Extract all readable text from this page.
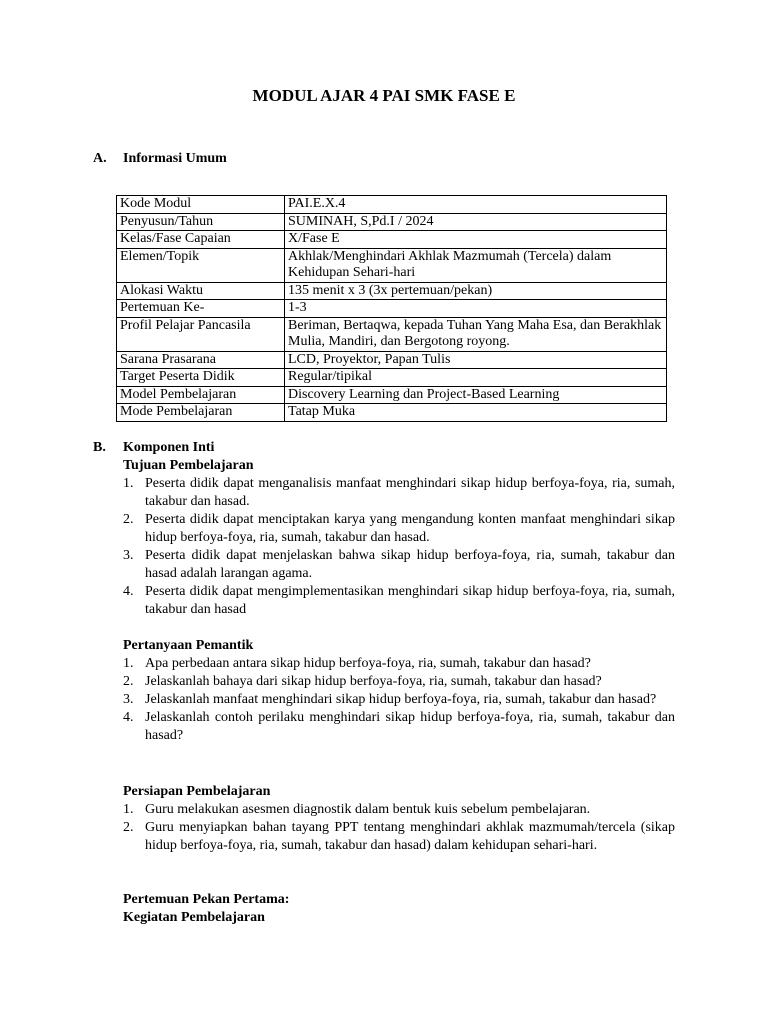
MODUL AJAR 4 PAI SMK FASE E
A. Informasi Umum
Kode Modul	PAI.E.X.4
Penyusun/Tahun	SUMINAH, S,Pd.I / 2024
Kelas/Fase Capaian	X/Fase E
Elemen/Topik	Akhlak/Menghindari Akhlak Mazmumah (Tercela) dalam Kehidupan Sehari-hari
Alokasi Waktu	135 menit x 3 (3x pertemuan/pekan)
Pertemuan Ke-	1-3
Profil Pelajar Pancasila	Beriman, Bertaqwa, kepada Tuhan Yang Maha Esa, dan Berakhlak Mulia, Mandiri, dan Bergotong royong.
Sarana Prasarana	LCD, Proyektor, Papan Tulis
Target Peserta Didik	Regular/tipikal
Model Pembelajaran	Discovery Learning dan Project-Based Learning
Mode Pembelajaran	Tatap Muka
B. Komponen Inti
Tujuan Pembelajaran
1. Peserta didik dapat menganalisis manfaat menghindari sikap hidup berfoya-foya, ria, sumah, takabur dan hasad.
2. Peserta didik dapat menciptakan karya yang mengandung konten manfaat menghindari sikap hidup berfoya-foya, ria, sumah, takabur dan hasad.
3. Peserta didik dapat menjelaskan bahwa sikap hidup berfoya-foya, ria, sumah, takabur dan hasad adalah larangan agama.
4. Peserta didik dapat mengimplementasikan menghindari sikap hidup berfoya-foya, ria, sumah, takabur dan hasad
Pertanyaan Pemantik
1. Apa perbedaan antara sikap hidup berfoya-foya, ria, sumah, takabur dan hasad?
2. Jelaskanlah bahaya dari sikap hidup berfoya-foya, ria, sumah, takabur dan hasad?
3. Jelaskanlah manfaat menghindari sikap hidup berfoya-foya, ria, sumah, takabur dan hasad?
4. Jelaskanlah contoh perilaku menghindari sikap hidup berfoya-foya, ria, sumah, takabur dan hasad?
Persiapan Pembelajaran
1. Guru melakukan asesmen diagnostik dalam bentuk kuis sebelum pembelajaran.
2. Guru menyiapkan bahan tayang PPT tentang menghindari akhlak mazmumah/tercela (sikap hidup berfoya-foya, ria, sumah, takabur dan hasad) dalam kehidupan sehari-hari.
Pertemuan Pekan Pertama:
Kegiatan Pembelajaran
